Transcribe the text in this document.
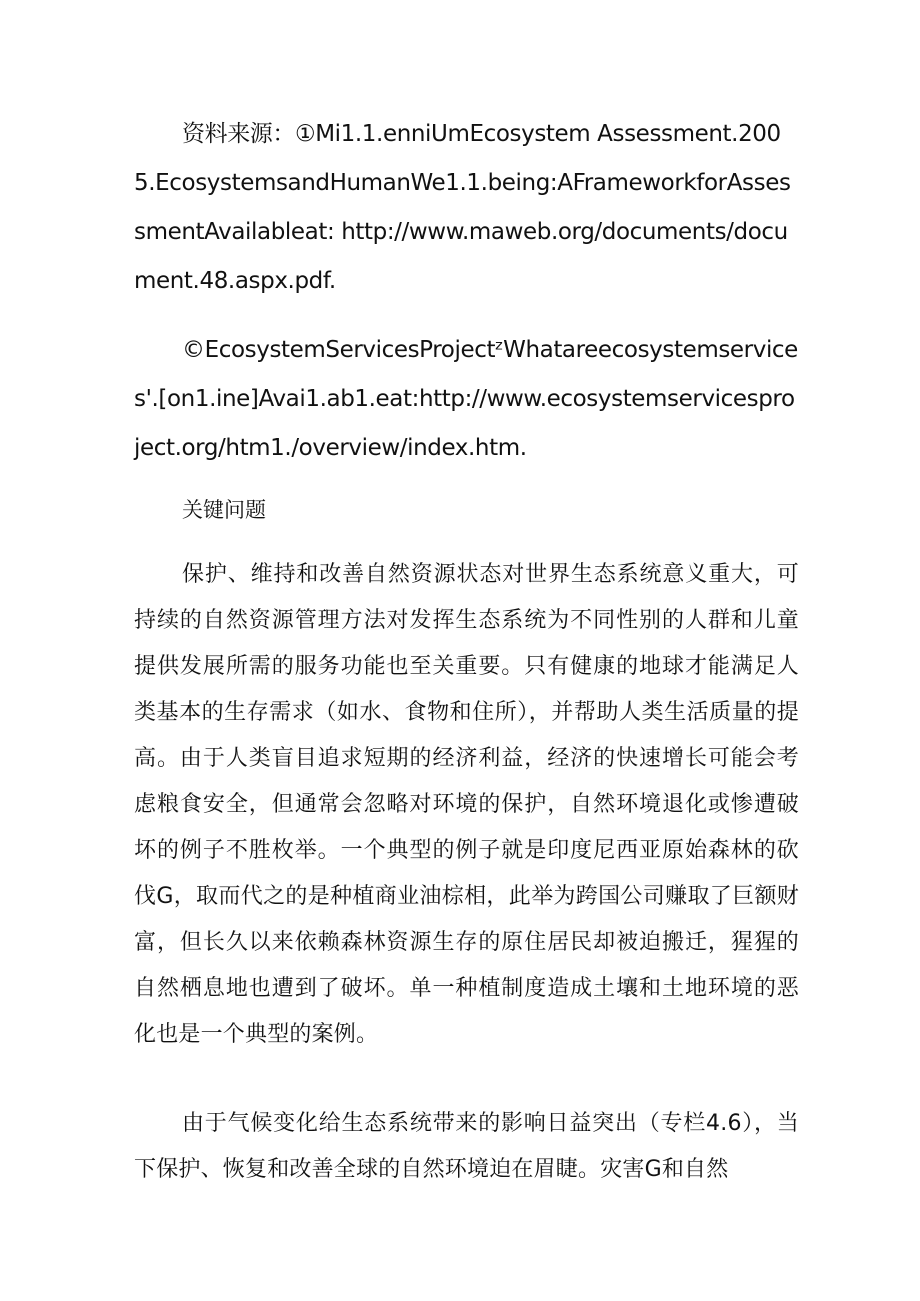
资料来源：①Mi1.1.enniUmEcosystem Assessment.2005.EcosystemsandHumanWe1.1.being:AFrameworkforAssessmentAvailableat: http://www.maweb.org/documents/document.48.aspx.pdf.

©EcosystemServicesProjectᶻWhatareecosystemservices'.[on1.ine]Avai1.ab1.eat:http://www.ecosystemservicesproject.org/htm1./overview/index.htm.

关键问题

保护、维持和改善自然资源状态对世界生态系统意义重大，可持续的自然资源管理方法对发挥生态系统为不同性别的人群和儿童提供发展所需的服务功能也至关重要。只有健康的地球才能满足人类基本的生存需求（如水、食物和住所），并帮助人类生活质量的提高。由于人类盲目追求短期的经济利益，经济的快速增长可能会考虑粮食安全，但通常会忽略对环境的保护，自然环境退化或惨遭破坏的例子不胜枚举。一个典型的例子就是印度尼西亚原始森林的砍伐G，取而代之的是种植商业油棕相，此举为跨国公司赚取了巨额财富，但长久以来依赖森林资源生存的原住居民却被迫搬迁，猩猩的自然栖息地也遭到了破坏。单一种植制度造成土壤和土地环境的恶化也是一个典型的案例。

由于气候变化给生态系统带来的影响日益突出（专栏4.6），当下保护、恢复和改善全球的自然环境迫在眉睫。灾害G和自然
